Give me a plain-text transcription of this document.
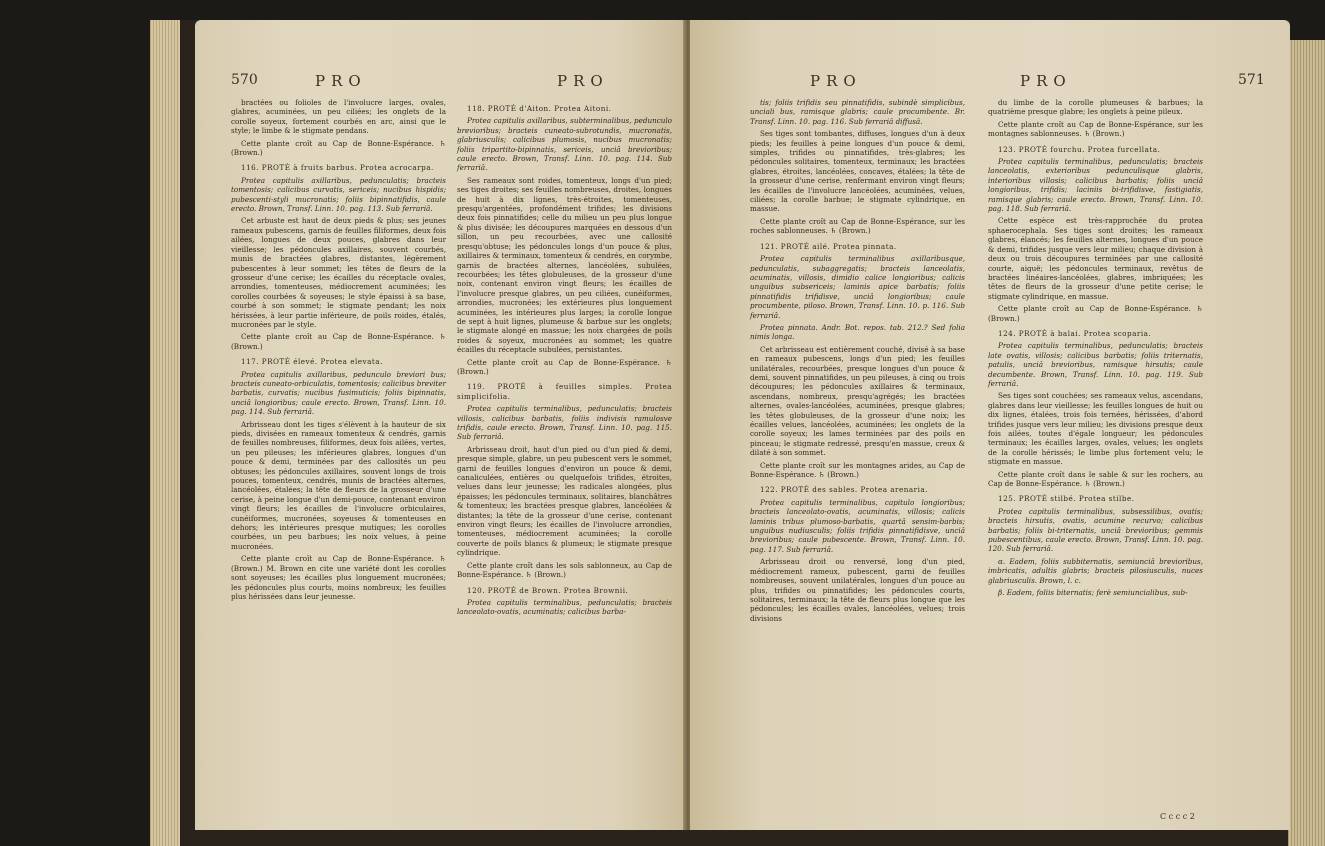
570	PRO	PRO

bractées ou folioles de l'involucre larges, ovales, glabres, acuminées, un peu ciliées; les onglets de la corolle soyeux, fortement courbés en arc, ainsi que le style; le limbe & le stigmate pendans.

Cette plante croît au Cap de Bonne-Espérance. ♄ (Brown.)

116. PROTÉ à fruits barbus. Protea acrocarpa.

Protea capitulis axillaribus, pedunculatis; bracteis tomentosis; calicibus curvatis, sericeis; nucibus hispidis; pubescenti-styli mucronatis; foliis bipinnatifidis, caule erecto. Brown, Transf. Linn. 10. pag. 113. Sub ferrariâ.

Cet arbuste est haut de deux pieds & plus; ses jeunes rameaux pubescens, garnis de feuilles filiformes, deux fois ailées, longues de deux pouces, glabres dans leur vieillesse; les pédoncules axillaires, souvent courbés, munis de bractées glabres, distantes, légèrement pubescentes à leur sommet; les têtes de fleurs de la grosseur d'une cerise; les écailles du réceptacle ovales, arrondies, tomenteuses, médiocrement acuminées; les corolles courbées & soyeuses; le style épaissi à sa base, courbé à son sommet; le stigmate pendant; les noix hérissées, à leur partie inférieure, de poils roides, étalés, mucronées par le style.

Cette plante croît au Cap de Bonne-Espérance. ♄ (Brown.)

117. PROTÉ élevé. Protea elevata.

Protea capitulis axillaribus, pedunculo breviori bus; bracteis cuneato-orbiculatis, tomentosis; calicibus breviter barbatis, curvatis; nucibus fusimuticis; foliis bipinnatis, unciâ longioribus; caule erecto. Brown, Transf. Linn. 10. pag. 114. Sub ferrariâ.

Arbrisseau dont les tiges s'élèvent à la hauteur de six pieds, divisées en rameaux tomenteux & cendrés, garnis de feuilles nombreuses, filiformes, deux fois ailées, vertes, un peu pileuses; les inférieures glabres, longues d'un pouce & demi, terminées par des callosités un peu obtuses; les pédoncules axillaires, souvent longs de trois pouces, tomenteux, cendrés, munis de bractées alternes, lancéolées, étalées; la tête de fleurs de la grosseur d'une cerise, à peine longue d'un demi-pouce, contenant environ vingt fleurs; les écailles de l'involucre orbiculaires, cunéiformes, mucronées, soyeuses & tomenteuses en dehors; les intérieures presque mutiques; les corolles courbées, un peu barbues; les noix velues, à peine mucronées.

Cette plante croît au Cap de Bonne-Espérance. ♄ (Brown.) M. Brown en cite une variété dont les corolles sont soyeuses; les écailles plus longuement mucronées; les pédoncules plus courts, moins nombreux; les feuilles plus hérissées dans leur jeunesse.

118. PROTÉ d'Aiton. Protea Aitoni.

Protea capitulis axillaribus, subterminalibus, pedunculo brevioribus; bracteis cuneato-subrotundis, mucronatis, glabriusculis; calicibus plumosis, nucibus mucronatis; foliis tripartito-bipinnatis, sericeis, unciâ brevioribus; caule erecto. Brown, Transf. Linn. 10. pag. 114. Sub ferrariâ.

Ses rameaux sont roides, tomenteux, longs d'un pied; ses tiges droites; ses feuilles nombreuses, droites, longues de huit à dix lignes, très-étroites, tomenteuses, presqu'argentées, profondément trifides; les divisions deux fois pinnatifides; celle du milieu un peu plus longue & plus divisée; les découpures marquées en dessous d'un sillon, un peu recourbées, avec une callosité presqu'obtuse; les pédoncules longs d'un pouce & plus, axillaires & terminaux, tomenteux & cendrés, en corymbe, garnis de bractées alternes, lancéolées, subulées, recourbées; les têtes globuleuses, de la grosseur d'une noix, contenant environ vingt fleurs; les écailles de l'involucre presque glabres, un peu ciliées, cunéiformes, arrondies, mucronées; les extérieures plus longuement acuminées, les intérieures plus larges; la corolle longue de sept à huit lignes, plumeuse & barbue sur les onglets; le stigmate alongé en massue; les noix chargées de poils roides & soyeux, mucronées au sommet; les quatre écailles du réceptacle subulées, persistantes.

Cette plante croît au Cap de Bonne-Espérance. ♄ (Brown.)

119. PROTÉ à feuilles simples. Protea simplicifolia.

Protea capitulis terminalibus, pedunculatis; bracteis villosis, calicibus barbatis, foliis indivisis ramulosve trifidis, caule erecto. Brown, Transf. Linn. 10. pag. 115. Sub ferrariâ.

Arbrisseau droit, haut d'un pied ou d'un pied & demi, presque simple, glabre, un peu pubescent vers le sommet, garni de feuilles longues d'environ un pouce & demi, canaliculées, entières ou quelquefois trifides, étroites, velues dans leur jeunesse; les radicales alongées, plus épaisses; les pédoncules terminaux, solitaires, blanchâtres & tomenteux; les bractées presque glabres, lancéolées & distantes; la tête de la grosseur d'une cerise, contenant environ vingt fleurs; les écailles de l'involucre arrondies, tomenteuses, médiocrement acuminées; la corolle couverte de poils blancs & plumeux; le stigmate presque cylindrique.

Cette plante croît dans les sols sablonneux, au Cap de Bonne-Espérance. ♄ (Brown.)

120. PROTÉ de Brown. Protea Brownii.

Protea capitulis terminalibus, pedunculatis; bracteis lanceolato-ovatis, acuminatis; calicibus barba-

PRO	PRO	571

tis; foliis trifidis seu pinnatifidis, subindè simplicibus, unciali bus, ramisque glabris; caule procumbente. Br. Transf. Linn. 10. pag. 116. Sub ferrariâ diffusâ.

Ses tiges sont tombantes, diffuses, longues d'un à deux pieds; les feuilles à peine longues d'un pouce & demi, simples, trifides ou pinnatifides, très-glabres; les pédoncules solitaires, tomenteux, terminaux; les bractées glabres, étroites, lancéolées, concaves, étalées; la tête de la grosseur d'une cerise, renfermant environ vingt fleurs; les écailles de l'involucre lancéolées, acuminées, velues, ciliées; la corolle barbue; le stigmate cylindrique, en massue.

Cette plante croît au Cap de Bonne-Espérance, sur les roches sablonneuses. ♄ (Brown.)

121. PROTÉ ailé. Protea pinnata.

Protea capitulis terminalibus axillaribusque, pedunculatis, subaggregatis; bracteis lanceolatis, acuminatis, villosis, dimidio calice longioribus; calicis unguibus subsericeis; laminis apice barbatis; foliis pinnatifidis trifidisve, unciâ longioribus; caule procumbente, piloso. Brown, Transf. Linn. 10. p. 116. Sub ferrariâ.

Protea pinnata. Andr. Bot. repos. tab. 212.? Sed folia nimis longa.

Cet arbrisseau est entièrement couché, divisé à sa base en rameaux pubescens, longs d'un pied; les feuilles unilatérales, recourbées, presque longues d'un pouce & demi, souvent pinnatifides, un peu pileuses, à cinq ou trois découpures; les pédoncules axillaires & terminaux, ascendans, nombreux, presqu'agrégés; les bractées alternes, ovales-lancéolées, acuminées, presque glabres; les têtes globuleuses, de la grosseur d'une noix; les écailles velues, lancéolées, acuminées; les onglets de la corolle soyeux; les lames terminées par des poils en pinceau; le stigmate redressé, presqu'en massue, creux & dilaté à son sommet.

Cette plante croît sur les montagnes arides, au Cap de Bonne-Espérance. ♄ (Brown.)

122. PROTÉ des sables. Protea arenaria.

Protea capitulis terminalibus, capitulo longioribus; bracteis lanceolato-ovatis, acuminatis, villosis; calicis laminis tribus plumoso-barbatis, quartâ sensim-barbis; unguibus nudiusculis; foliis trifidis pinnatifidisve, unciâ brevioribus; caule pubescente. Brown, Transf. Linn. 10. pag. 117. Sub ferrariâ.

Arbrisseau droit ou renversé, long d'un pied, médiocrement rameux, pubescent, garni de feuilles nombreuses, souvent unilatérales, longues d'un pouce au plus, trifides ou pinnatifides; les pédoncules courts, solitaires, terminaux; la tête de fleurs plus longue que les pédoncules; les écailles ovales, lancéolées, velues; trois divisions

du limbe de la corolle plumeuses & barbues; la quatrième presque glabre; les onglets à peine pileux.

Cette plante croît au Cap de Bonne-Espérance, sur les montagnes sablonneuses. ♄ (Brown.)

123. PROTÉ fourchu. Protea furcellata.

Protea capitulis terminalibus, pedunculatis; bracteis lanceolatis, exterioribus pedunculisque glabris, interioribus villosis; calicibus barbatis; foliis unciâ longioribus, trifidis; laciniis bi-trifidisve, fastigiatis, ramisque glabris; caule erecto. Brown, Transf. Linn. 10. pag. 118. Sub ferrariâ.

Cette espèce est très-rapprochée du protea sphaerocephala. Ses tiges sont droites; les rameaux glabres, élancés; les feuilles alternes, longues d'un pouce & demi, trifides jusque vers leur milieu; chaque division à deux ou trois découpures terminées par une callosité courte, aiguë; les pédoncules terminaux, revêtus de bractées linéaires-lancéolées, glabres, imbriquées; les têtes de fleurs de la grosseur d'une petite cerise; le stigmate cylindrique, en massue.

Cette plante croît au Cap de Bonne-Espérance. ♄ (Brown.)

124. PROTÉ à balai. Protea scoparia.

Protea capitulis terminalibus, pedunculatis; bracteis late ovatis, villosis; calicibus barbatis; foliis triternatis, patulis, unciâ brevioribus, ramisque hirsutis; caule decumbente. Brown, Transf. Linn. 10. pag. 119. Sub ferrariâ.

Ses tiges sont couchées; ses rameaux velus, ascendans, glabres dans leur vieillesse; les feuilles longues de huit ou dix lignes, étalées, trois fois ternées, hérissées, d'abord trifides jusque vers leur milieu; les divisions presque deux fois ailées, toutes d'égale longueur; les pédoncules terminaux; les écailles larges, ovales, velues; les onglets de la corolle hérissés; le limbe plus fortement velu; le stigmate en massue.

Cette plante croît dans le sable & sur les rochers, au Cap de Bonne-Espérance. ♄ (Brown.)

125. PROTÉ stilbé. Protea stilbe.

Protea capitulis terminalibus, subsessilibus, ovatis; bracteis hirsutis, ovatis, acumine recurvo; calicibus barbatis; foliis bi-triternatis, unciâ brevioribus; gemmis pubescentibus, caule erecto. Brown, Transf. Linn. 10. pag. 120. Sub ferrariâ.

α. Eadem, foliis subbiternatis, semiunciâ brevioribus, imbricatis, adultis glabris; bracteis pilosiusculis, nuces glabriusculis. Brown, l. c.

β. Eadem, foliis biternatis; ferè semiuncialibus, sub-

C c c c 2
